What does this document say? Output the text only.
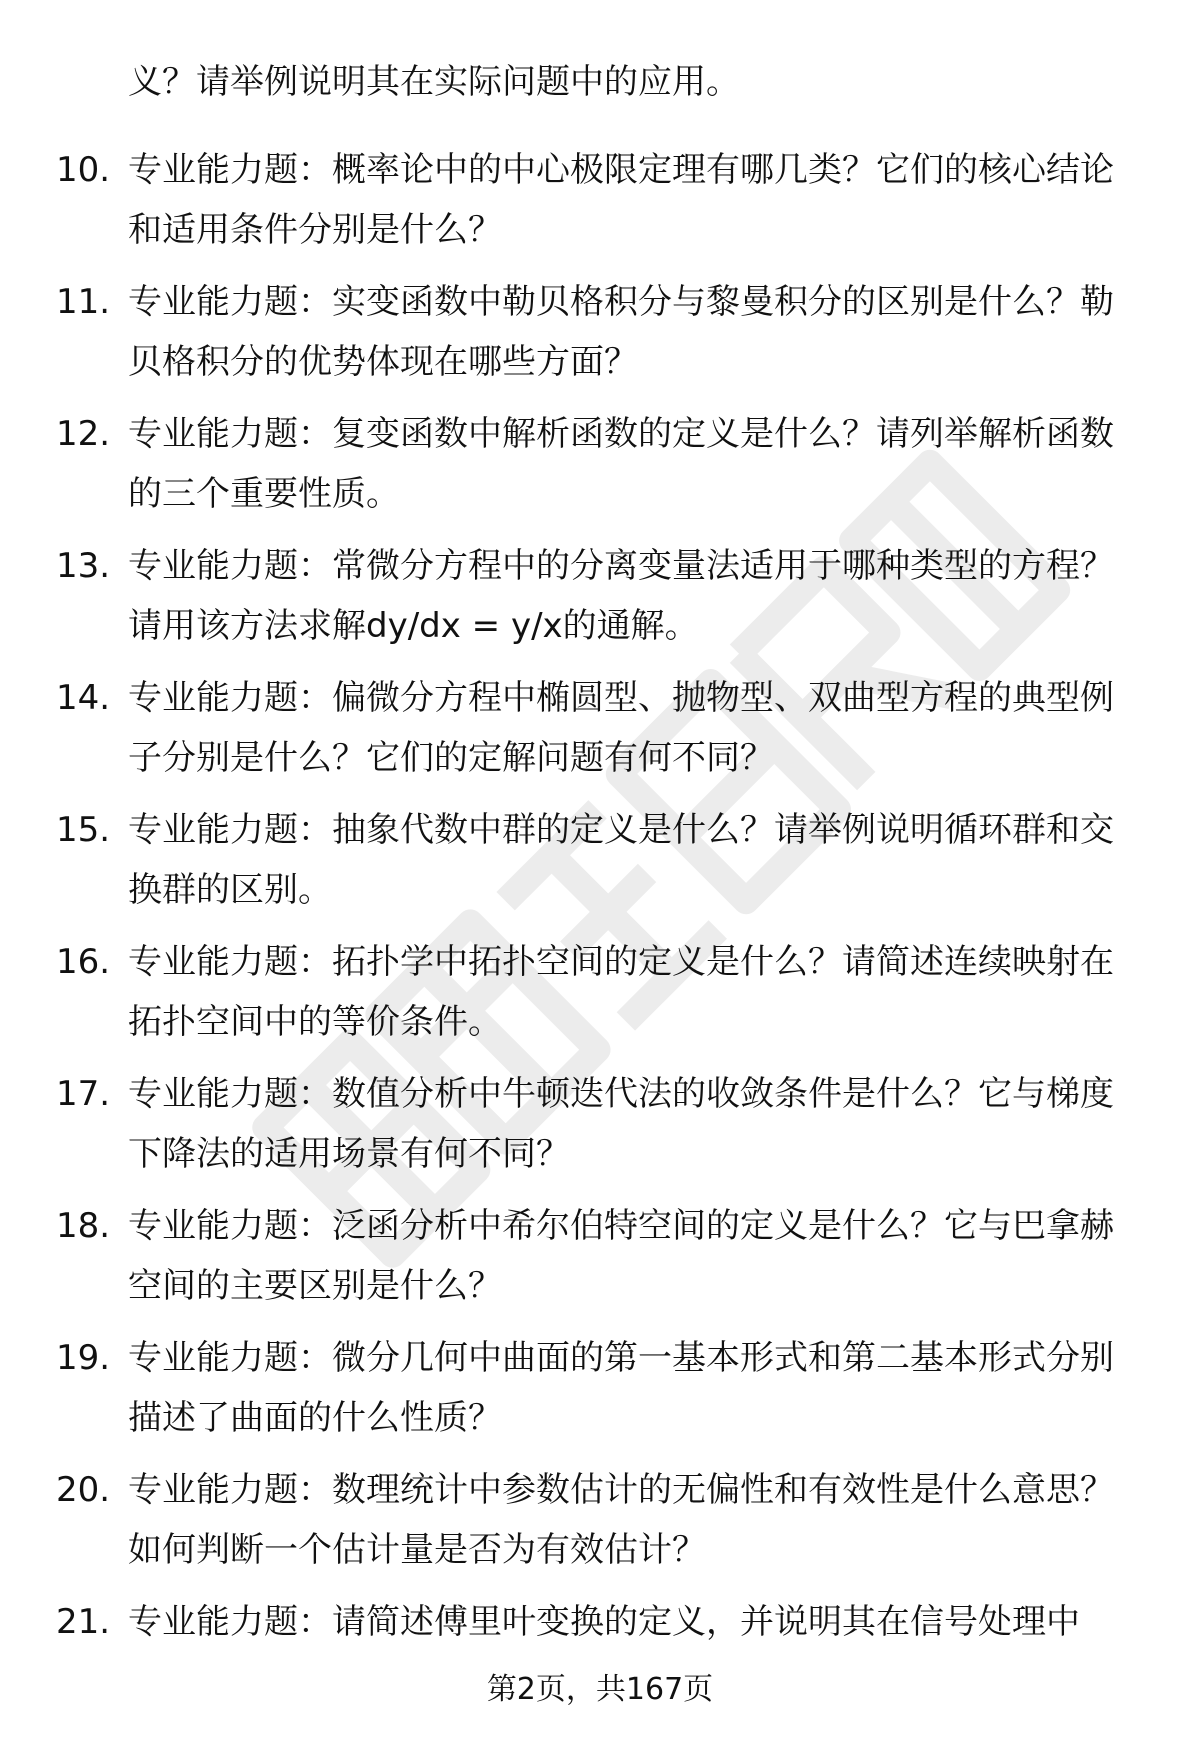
义？请举例说明其在实际问题中的应用。
10. 专业能力题：概率论中的中心极限定理有哪几类？它们的核心结论和适用条件分别是什么？
11. 专业能力题：实变函数中勒贝格积分与黎曼积分的区别是什么？勒贝格积分的优势体现在哪些方面？
12. 专业能力题：复变函数中解析函数的定义是什么？请列举解析函数的三个重要性质。
13. 专业能力题：常微分方程中的分离变量法适用于哪种类型的方程？请用该方法求解dy/dx = y/x的通解。
14. 专业能力题：偏微分方程中椭圆型、抛物型、双曲型方程的典型例子分别是什么？它们的定解问题有何不同？
15. 专业能力题：抽象代数中群的定义是什么？请举例说明循环群和交换群的区别。
16. 专业能力题：拓扑学中拓扑空间的定义是什么？请简述连续映射在拓扑空间中的等价条件。
17. 专业能力题：数值分析中牛顿迭代法的收敛条件是什么？它与梯度下降法的适用场景有何不同？
18. 专业能力题：泛函分析中希尔伯特空间的定义是什么？它与巴拿赫空间的主要区别是什么？
19. 专业能力题：微分几何中曲面的第一基本形式和第二基本形式分别描述了曲面的什么性质？
20. 专业能力题：数理统计中参数估计的无偏性和有效性是什么意思？如何判断一个估计量是否为有效估计？
21. 专业能力题：请简述傅里叶变换的定义，并说明其在信号处理中
第2页，共167页
